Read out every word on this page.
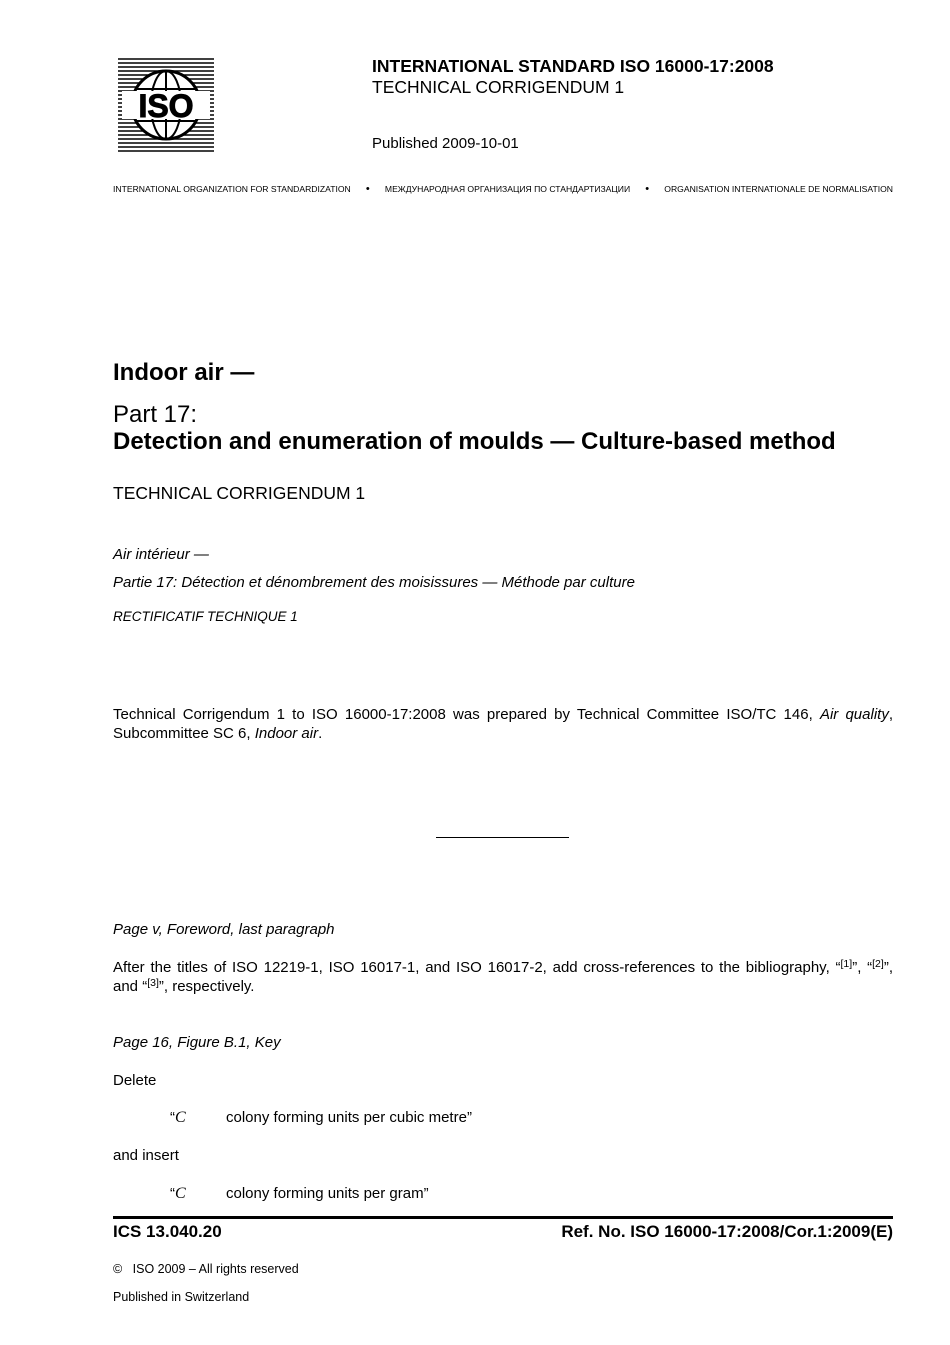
ISO
INTERNATIONAL STANDARD ISO 16000-17:2008
TECHNICAL CORRIGENDUM 1
Published 2009-10-01
INTERNATIONAL ORGANIZATION FOR STANDARDIZATION • МЕЖДУНАРОДНАЯ ОРГАНИЗАЦИЯ ПО СТАНДАРТИЗАЦИИ • ORGANISATION INTERNATIONALE DE NORMALISATION
Indoor air —
Part 17:
Detection and enumeration of moulds — Culture-based method
TECHNICAL CORRIGENDUM 1
Air intérieur —
Partie 17: Détection et dénombrement des moisissures — Méthode par culture
RECTIFICATIF TECHNIQUE 1
Technical Corrigendum 1 to ISO 16000-17:2008 was prepared by Technical Committee ISO/TC 146, Air quality, Subcommittee SC 6, Indoor air.
Page v, Foreword, last paragraph
After the titles of ISO 12219-1, ISO 16017-1, and ISO 16017-2, add cross-references to the bibliography, “[1]”, “[2]”, and “[3]”, respectively.
Page 16, Figure B.1, Key
Delete
“C	colony forming units per cubic metre”
and insert
“C	colony forming units per gram”
ICS 13.040.20	Ref. No. ISO 16000-17:2008/Cor.1:2009(E)
© ISO 2009 – All rights reserved
Published in Switzerland
